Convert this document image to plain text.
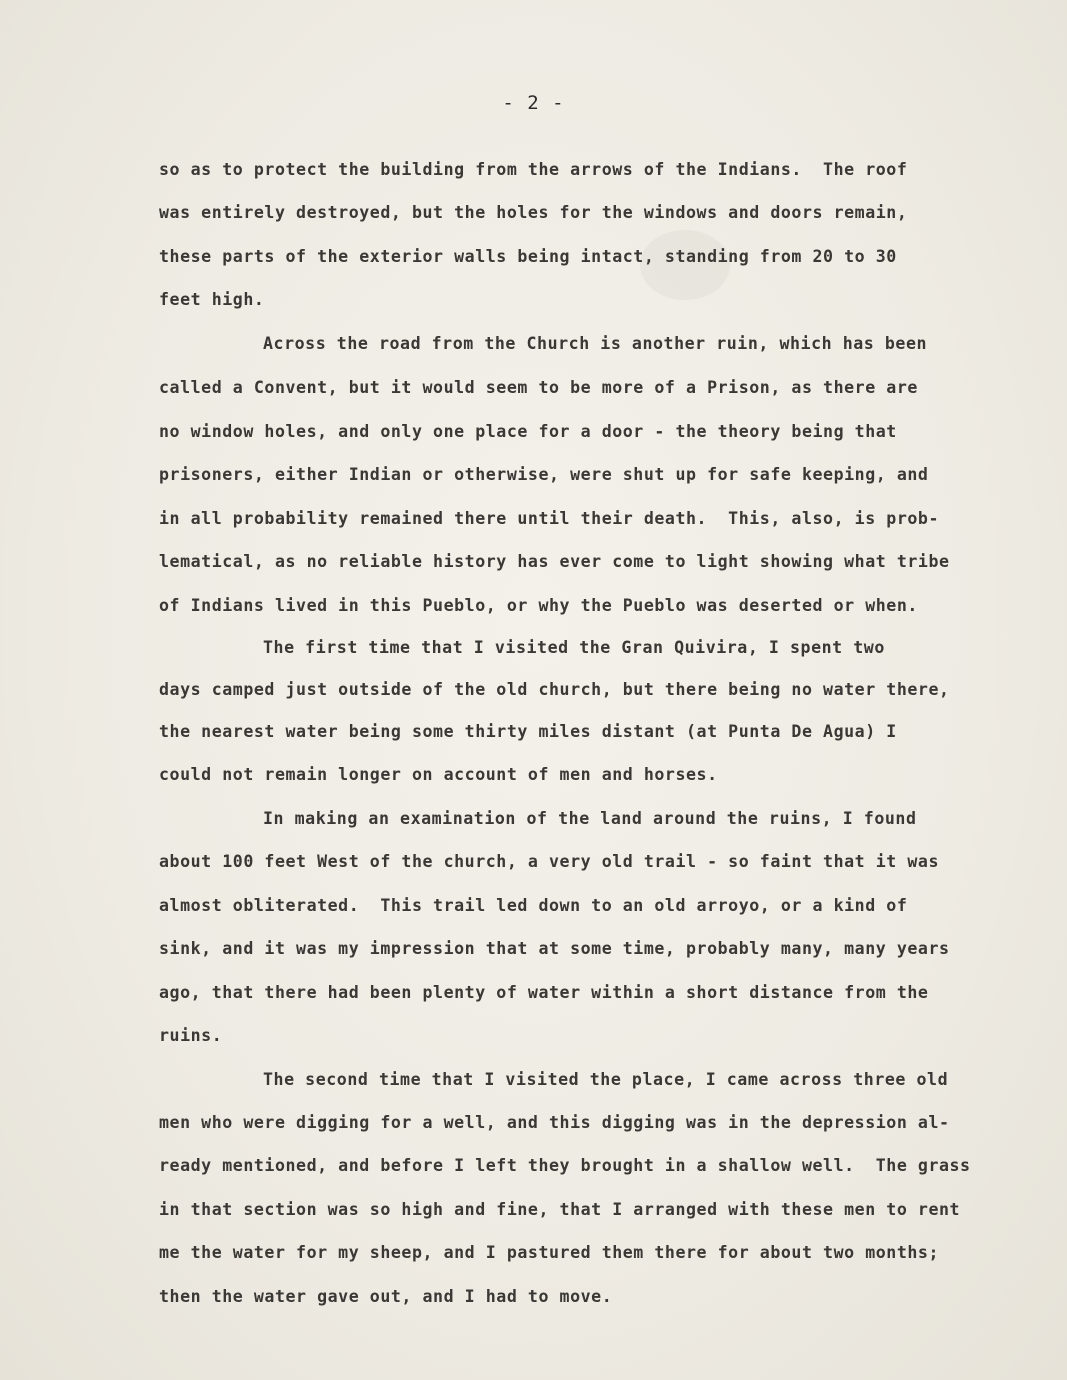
- 2 -
so as to protect the building from the arrows of the Indians.  The roof
was entirely destroyed, but the holes for the windows and doors remain,
these parts of the exterior walls being intact, standing from 20 to 30
feet high.
Across the road from the Church is another ruin, which has been
called a Convent, but it would seem to be more of a Prison, as there are
no window holes, and only one place for a door - the theory being that
prisoners, either Indian or otherwise, were shut up for safe keeping, and
in all probability remained there until their death.  This, also, is prob-
lematical, as no reliable history has ever come to light showing what tribe
of Indians lived in this Pueblo, or why the Pueblo was deserted or when.
The first time that I visited the Gran Quivira, I spent two
days camped just outside of the old church, but there being no water there,
the nearest water being some thirty miles distant (at Punta De Agua) I
could not remain longer on account of men and horses.
In making an examination of the land around the ruins, I found
about 100 feet West of the church, a very old trail - so faint that it was
almost obliterated.  This trail led down to an old arroyo, or a kind of
sink, and it was my impression that at some time, probably many, many years
ago, that there had been plenty of water within a short distance from the
ruins.
The second time that I visited the place, I came across three old
men who were digging for a well, and this digging was in the depression al-
ready mentioned, and before I left they brought in a shallow well.  The grass
in that section was so high and fine, that I arranged with these men to rent
me the water for my sheep, and I pastured them there for about two months;
then the water gave out, and I had to move.
